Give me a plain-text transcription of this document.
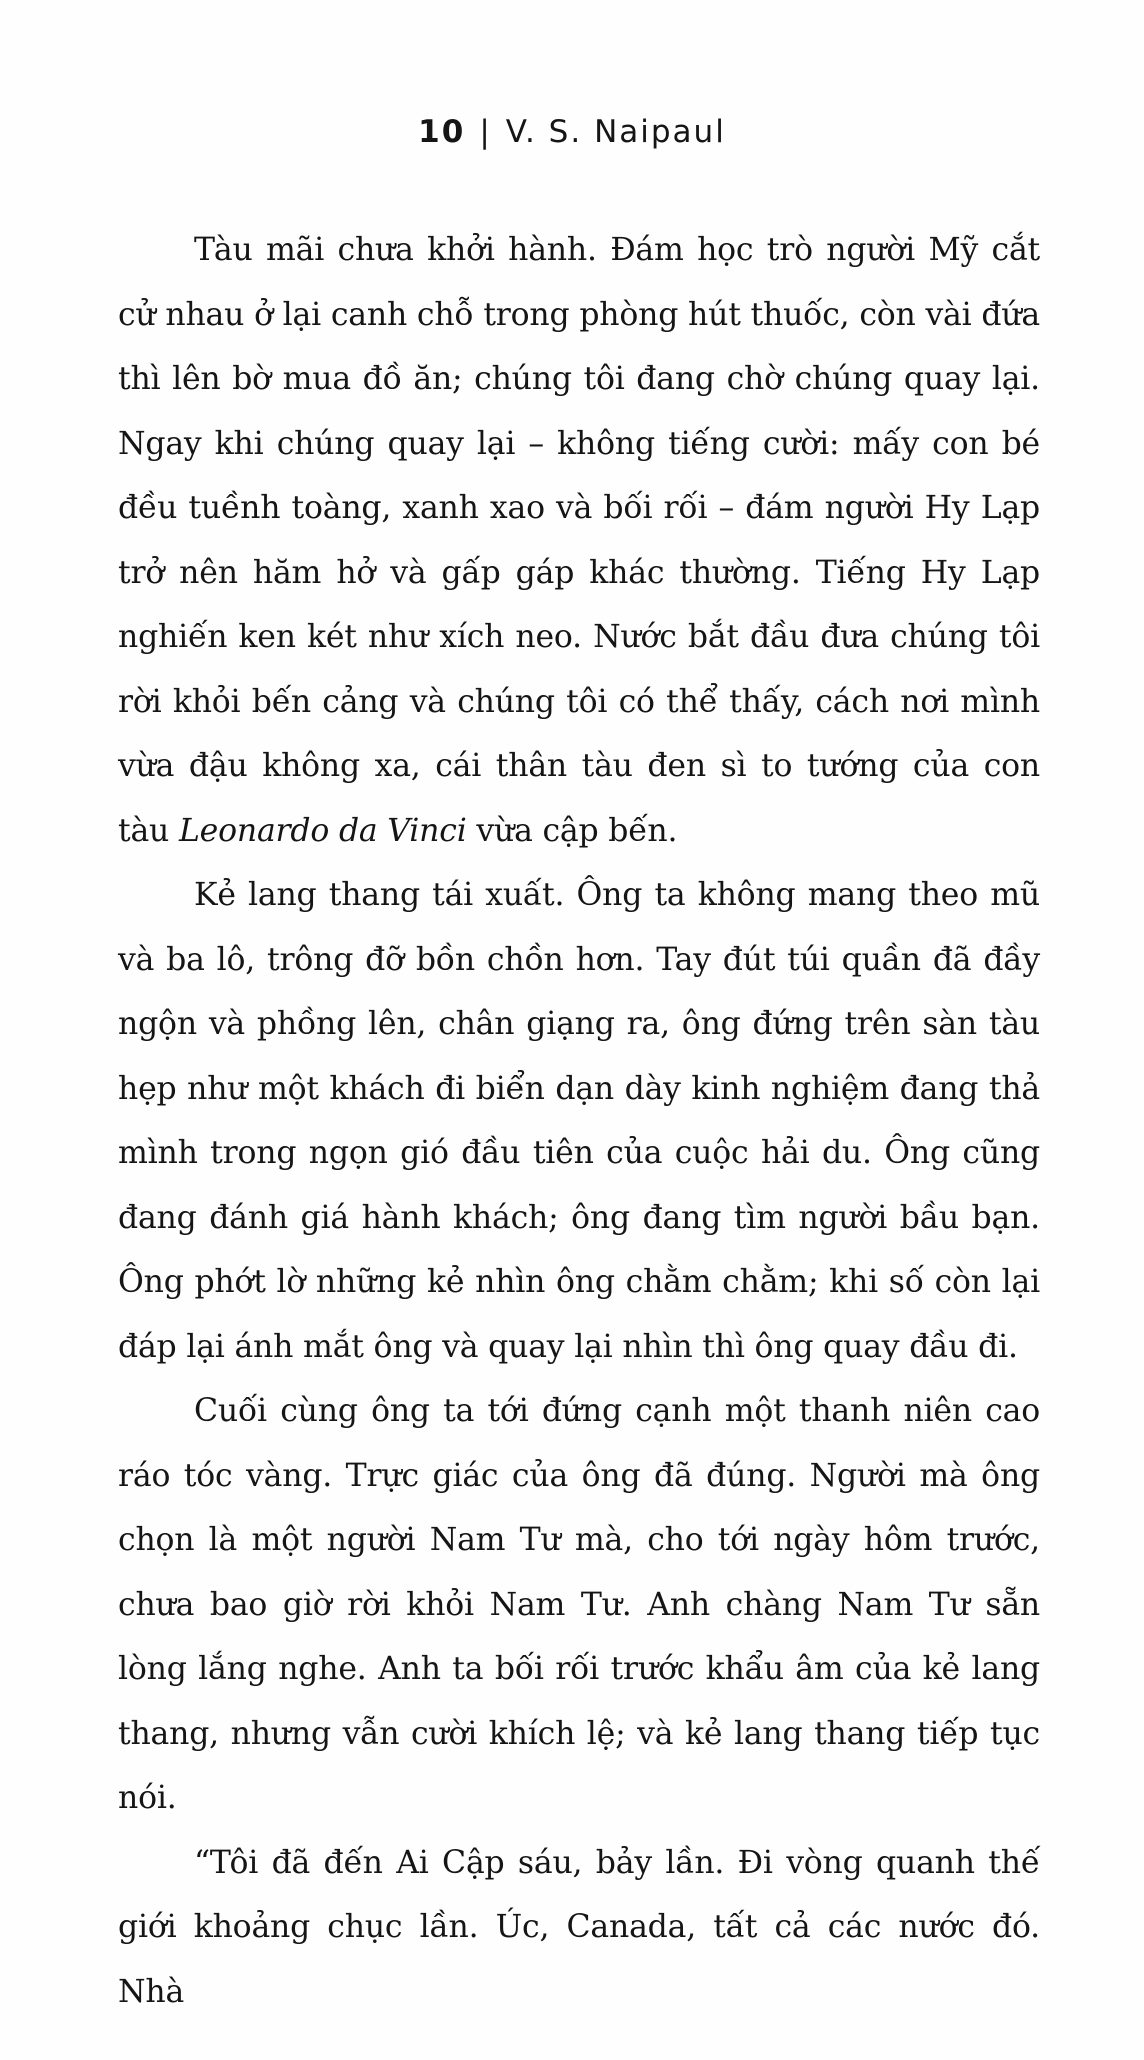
10 | V. S. Naipaul

Tàu mãi chưa khởi hành. Đám học trò người Mỹ cắt cử nhau ở lại canh chỗ trong phòng hút thuốc, còn vài đứa thì lên bờ mua đồ ăn; chúng tôi đang chờ chúng quay lại. Ngay khi chúng quay lại – không tiếng cười: mấy con bé đều tuềnh toàng, xanh xao và bối rối – đám người Hy Lạp trở nên hăm hở và gấp gáp khác thường. Tiếng Hy Lạp nghiến ken két như xích neo. Nước bắt đầu đưa chúng tôi rời khỏi bến cảng và chúng tôi có thể thấy, cách nơi mình vừa đậu không xa, cái thân tàu đen sì to tướng của con tàu Leonardo da Vinci vừa cập bến.

Kẻ lang thang tái xuất. Ông ta không mang theo mũ và ba lô, trông đỡ bồn chồn hơn. Tay đút túi quần đã đầy ngộn và phồng lên, chân giạng ra, ông đứng trên sàn tàu hẹp như một khách đi biển dạn dày kinh nghiệm đang thả mình trong ngọn gió đầu tiên của cuộc hải du. Ông cũng đang đánh giá hành khách; ông đang tìm người bầu bạn. Ông phớt lờ những kẻ nhìn ông chằm chằm; khi số còn lại đáp lại ánh mắt ông và quay lại nhìn thì ông quay đầu đi.

Cuối cùng ông ta tới đứng cạnh một thanh niên cao ráo tóc vàng. Trực giác của ông đã đúng. Người mà ông chọn là một người Nam Tư mà, cho tới ngày hôm trước, chưa bao giờ rời khỏi Nam Tư. Anh chàng Nam Tư sẵn lòng lắng nghe. Anh ta bối rối trước khẩu âm của kẻ lang thang, nhưng vẫn cười khích lệ; và kẻ lang thang tiếp tục nói.

“Tôi đã đến Ai Cập sáu, bảy lần. Đi vòng quanh thế giới khoảng chục lần. Úc, Canada, tất cả các nước đó. Nhà
